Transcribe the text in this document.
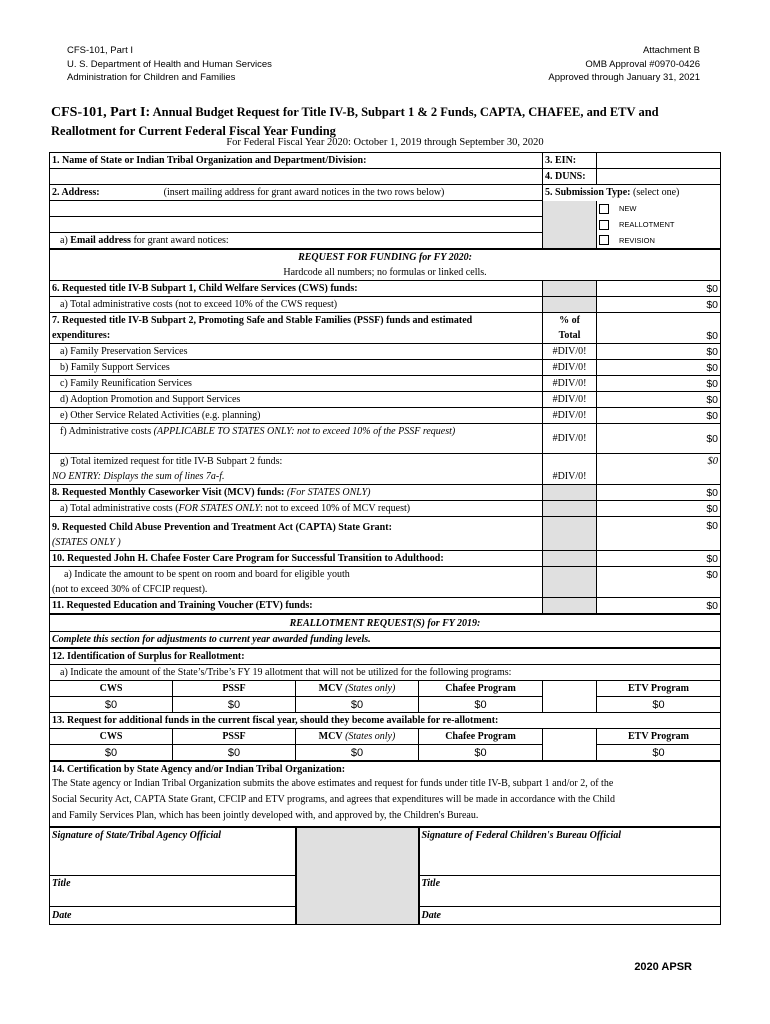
CFS-101, Part I
U. S. Department of Health and Human Services
Administration for Children and Families
Attachment B
OMB Approval #0970-0426
Approved through January 31, 2021
CFS-101, Part I: Annual Budget Request for Title IV-B, Subpart 1 & 2 Funds, CAPTA, CHAFEE, and ETV and
Reallotment for Current Federal Fiscal Year Funding
For Federal Fiscal Year 2020: October 1, 2019 through September 30, 2020
1. Name of State or Indian Tribal Organization and Department/Division:				3. EIN:	
				4. DUNS:	
2. Address: (insert mailing address for grant award notices in the two rows below)				5. Submission Type: (select one)	
					NEW
					REALLOTMENT
a) Email address for grant award notices:					REVISION
REQUEST FOR FUNDING for FY 2020:					
Hardcode all numbers; no formulas or linked cells.					
6. Requested title IV-B Subpart 1, Child Welfare Services (CWS) funds:					$0
a) Total administrative costs (not to exceed 10% of the CWS request)					$0
7. Requested title IV-B Subpart 2, Promoting Safe and Stable Families (PSSF) funds and estimated				% of	
expenditures:				Total	$0
a) Family Preservation Services				#DIV/0!	$0
b) Family Support Services				#DIV/0!	$0
c) Family Reunification Services				#DIV/0!	$0
d) Adoption Promotion and Support Services				#DIV/0!	$0
e) Other Service Related Activities (e.g. planning)				#DIV/0!	$0
f) Administrative costs (APPLICABLE TO STATES ONLY: not to exceed 10% of the PSSF request)				#DIV/0!	$0
g) Total itemized request for title IV-B Subpart 2 funds:					$0
NO ENTRY: Displays the sum of lines 7a-f.				#DIV/0!	
8. Requested Monthly Caseworker Visit (MCV) funds: (For STATES ONLY)					$0
a) Total administrative costs (FOR STATES ONLY: not to exceed 10% of MCV request)					$0
9. Requested Child Abuse Prevention and Treatment Act (CAPTA) State Grant:					$0
(STATES ONLY )					
10. Requested John H. Chafee Foster Care Program for Successful Transition to Adulthood:					$0
a) Indicate the amount to be spent on room and board for eligible youth					$0
(not to exceed 30% of CFCIP request).					
11. Requested Education and Training Voucher (ETV) funds:					$0
REALLOTMENT REQUEST(S) for FY 2019:					
Complete this section for adjustments to current year awarded funding levels.					
12. Identification of Surplus for Reallotment:					
a) Indicate the amount of the State’s/Tribe’s FY 19 allotment that will not be utilized for the following programs:					
CWS	PSSF	MCV (States only)	Chafee Program		ETV Program
$0	$0	$0	$0		$0
13. Request for additional funds in the current fiscal year, should they become available for re-allotment:					
CWS	PSSF	MCV (States only)	Chafee Program		ETV Program
$0	$0	$0	$0		$0
14. Certification by State Agency and/or Indian Tribal Organization:					

The State agency or Indian Tribal Organization submits the above estimates and request for funds under title IV-B, subpart 1 and/or 2, of the
Social Security Act, CAPTA State Grant, CFCIP and ETV programs, and agrees that expenditures will be made in accordance with the Child
and Family Services Plan, which has been jointly developed with, and approved by, the Children's Bureau.					

Signature of State/Tribal Agency Official			Signature of Federal Children's Bureau Official		
Title			Title		
Date			Date		
2020 APSR
